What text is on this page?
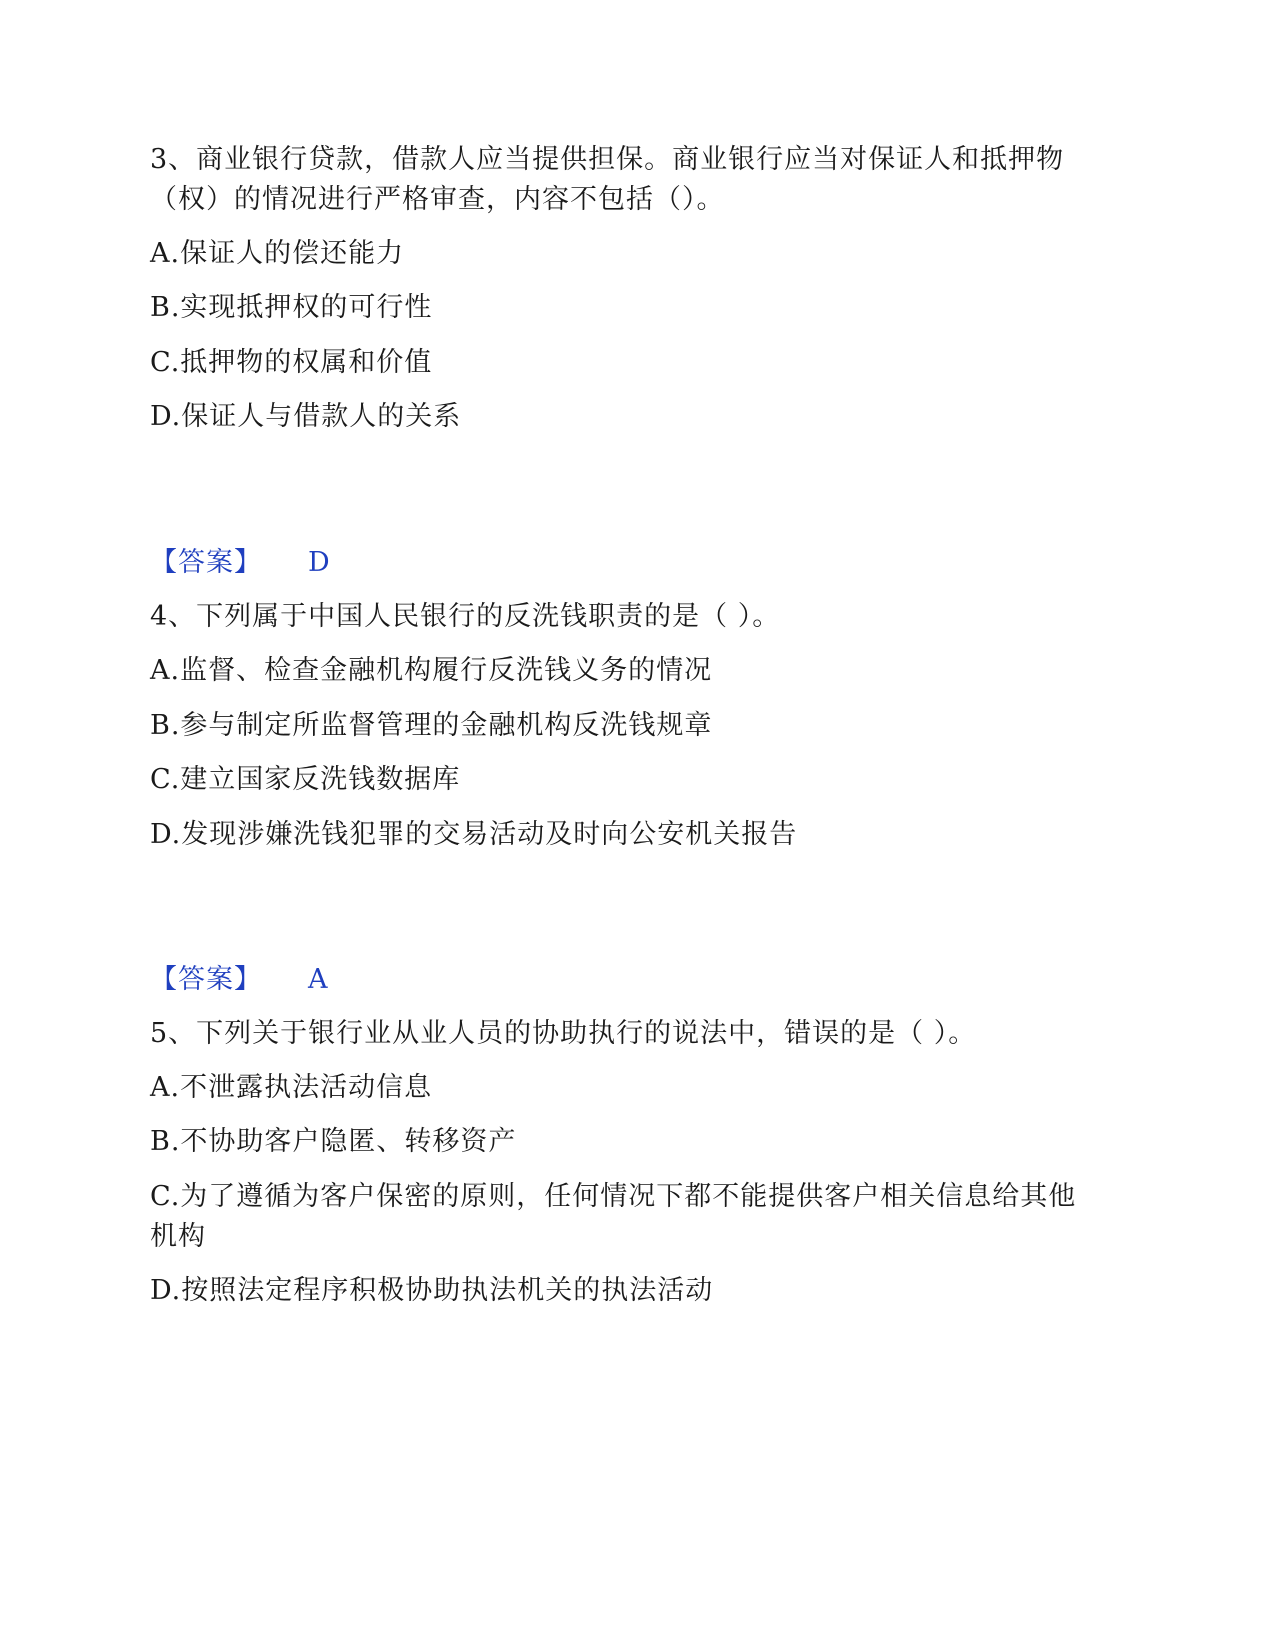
3、商业银行贷款，借款人应当提供担保。商业银行应当对保证人和抵押物
（权）的情况进行严格审查，内容不包括（）。
A.保证人的偿还能力
B.实现抵押权的可行性
C.抵押物的权属和价值
D.保证人与借款人的关系
【答案】 D
4、下列属于中国人民银行的反洗钱职责的是（ ）。
A.监督、检查金融机构履行反洗钱义务的情况
B.参与制定所监督管理的金融机构反洗钱规章
C.建立国家反洗钱数据库
D.发现涉嫌洗钱犯罪的交易活动及时向公安机关报告
【答案】 A
5、下列关于银行业从业人员的协助执行的说法中，错误的是（ ）。
A.不泄露执法活动信息
B.不协助客户隐匿、转移资产
C.为了遵循为客户保密的原则，任何情况下都不能提供客户相关信息给其他
机构
D.按照法定程序积极协助执法机关的执法活动
